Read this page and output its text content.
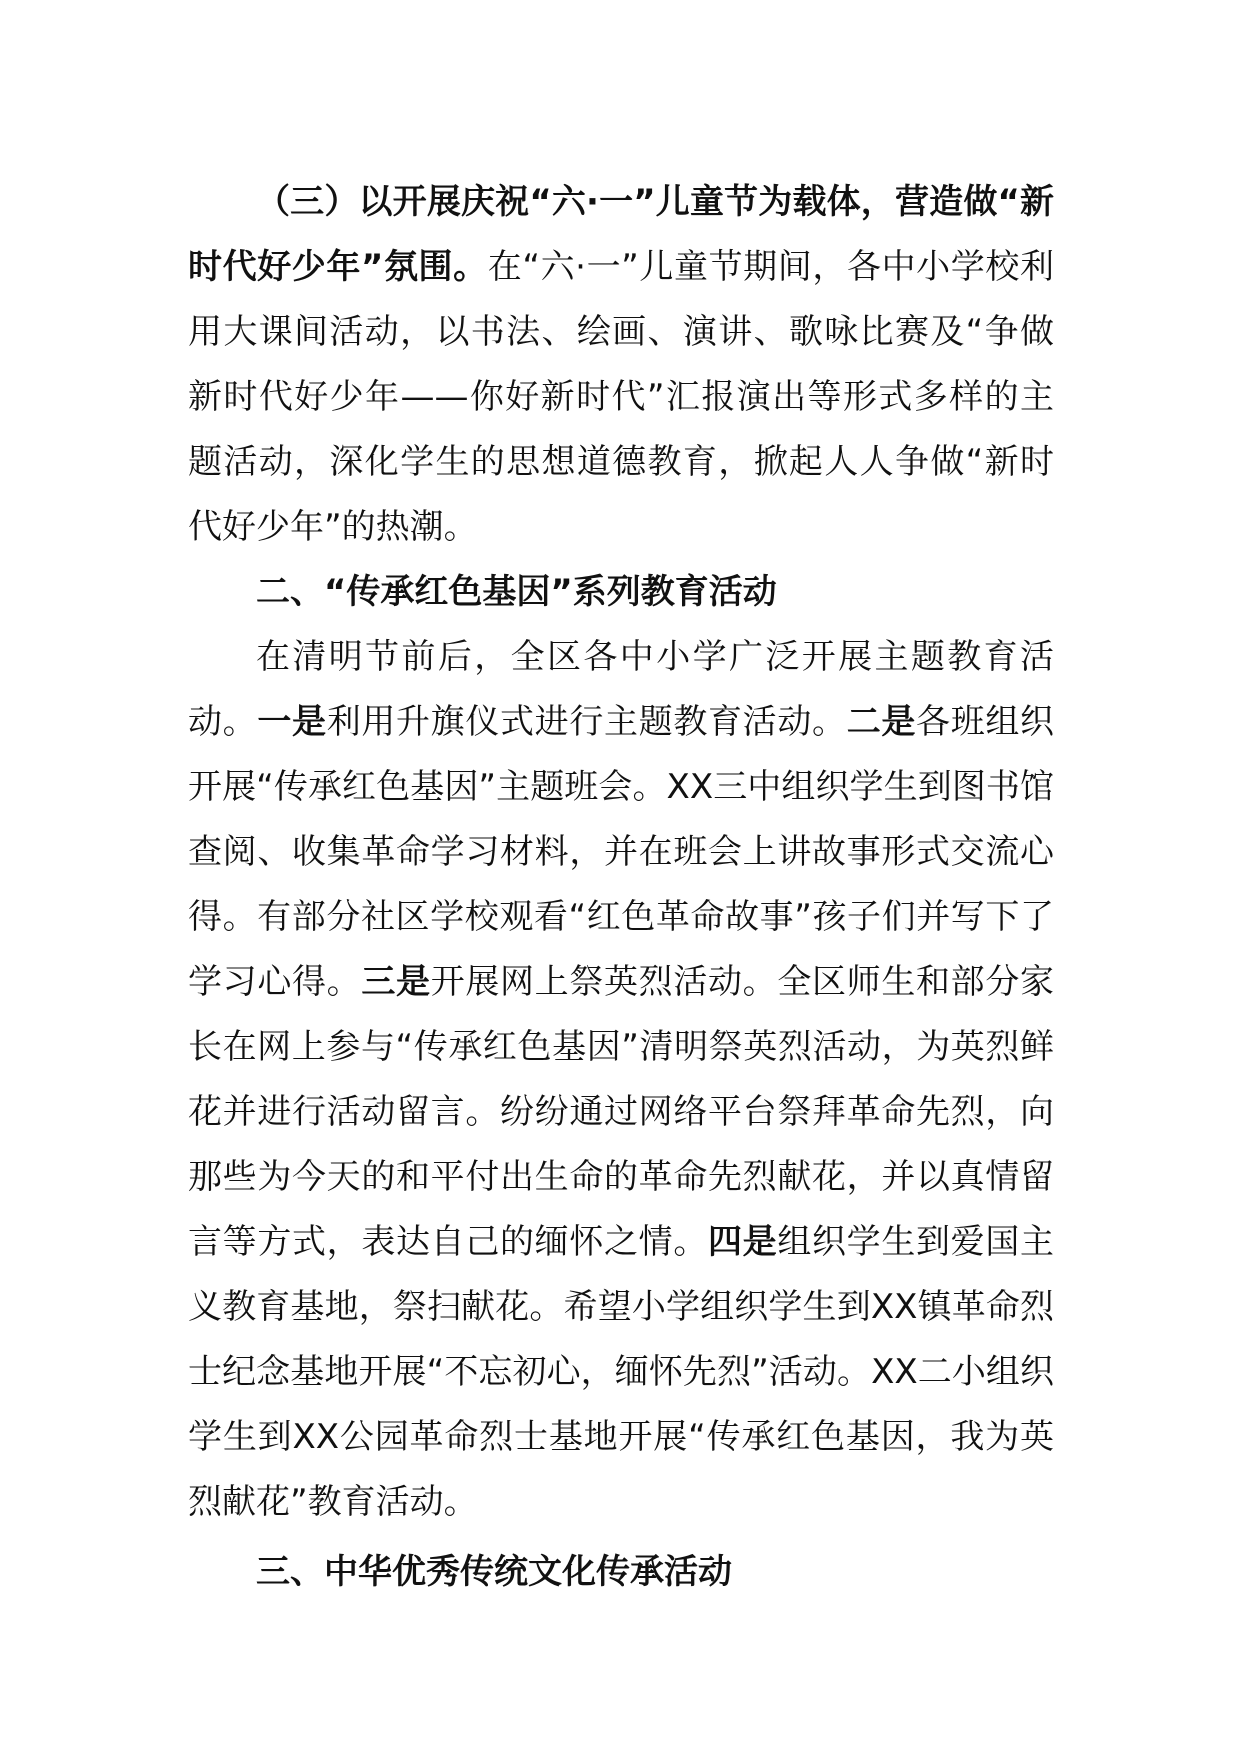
（三）以开展庆祝“六·一”儿童节为载体，营造做“新时代好少年”氛围。在“六·一”儿童节期间，各中小学校利用大课间活动，以书法、绘画、演讲、歌咏比赛及“争做新时代好少年——你好新时代”汇报演出等形式多样的主题活动，深化学生的思想道德教育，掀起人人争做“新时代好少年”的热潮。

二、“传承红色基因”系列教育活动

在清明节前后，全区各中小学广泛开展主题教育活动。一是利用升旗仪式进行主题教育活动。二是各班组织开展“传承红色基因”主题班会。XX三中组织学生到图书馆查阅、收集革命学习材料，并在班会上讲故事形式交流心得。有部分社区学校观看“红色革命故事”孩子们并写下了学习心得。三是开展网上祭英烈活动。全区师生和部分家长在网上参与“传承红色基因”清明祭英烈活动，为英烈鲜花并进行活动留言。纷纷通过网络平台祭拜革命先烈，向那些为今天的和平付出生命的革命先烈献花，并以真情留言等方式，表达自己的缅怀之情。四是组织学生到爱国主义教育基地，祭扫献花。希望小学组织学生到XX镇革命烈士纪念基地开展“不忘初心，缅怀先烈”活动。XX二小组织学生到XX公园革命烈士基地开展“传承红色基因，我为英烈献花”教育活动。

三、中华优秀传统文化传承活动
